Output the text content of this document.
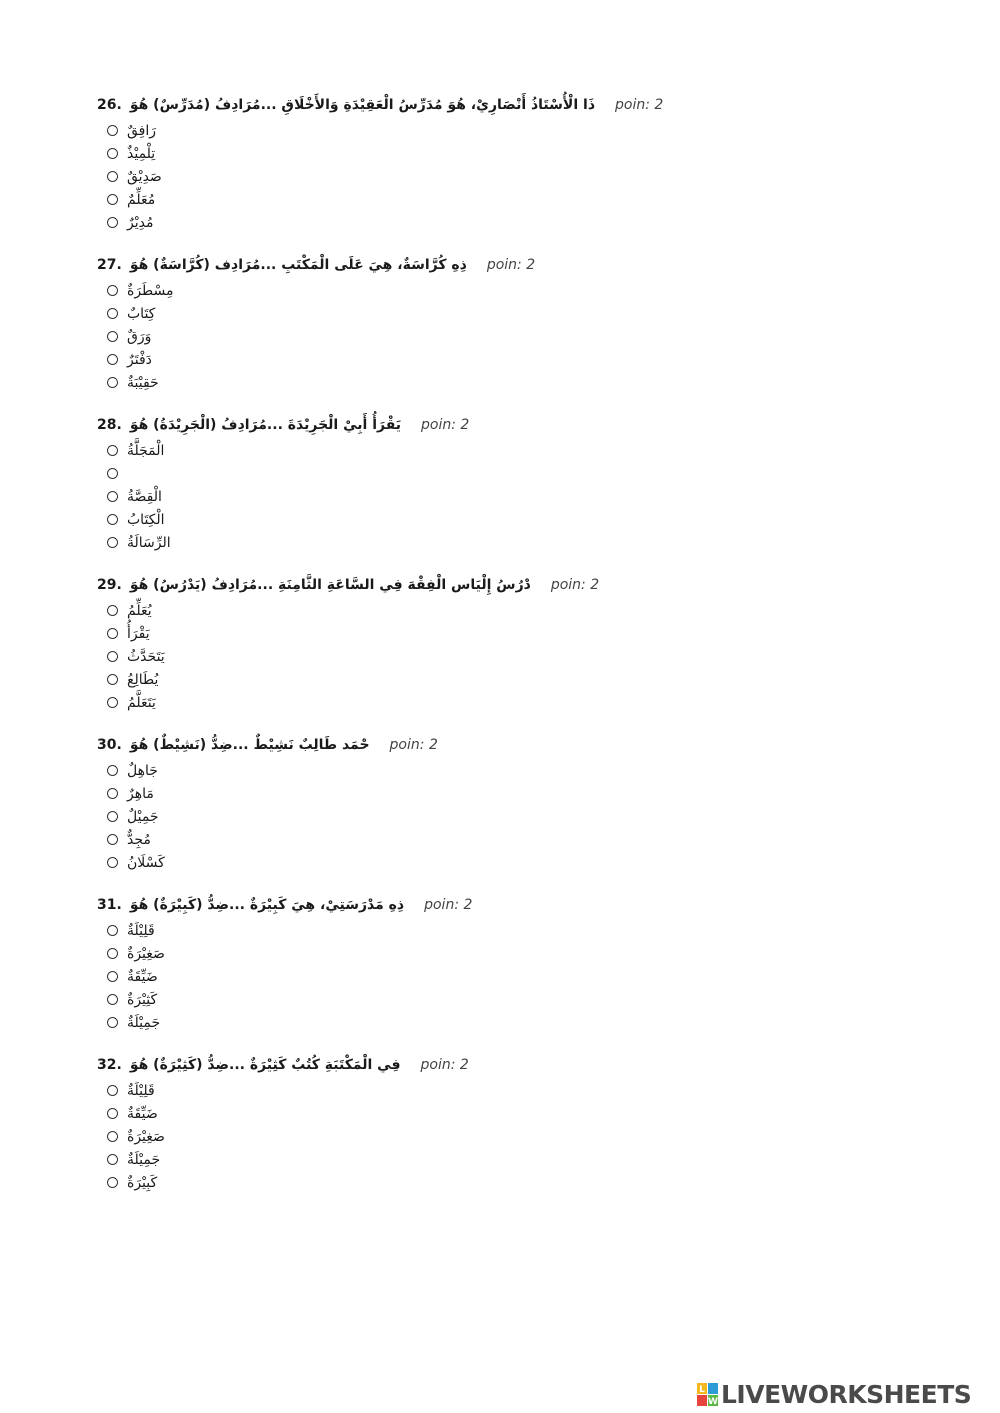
26. ذَا الْأُسْتَاذُ أَنْصَارِيْ، هُوَ مُدَرِّسُ الْعَقِيْدَةِ وَالأَخْلَاقِ ...مُرَادِفُ (مُدَرِّسٌ) هُوَ poin: 2
رَافِقٌ
تِلْمِيْذٌ
صَدِيْقٌ
مُعَلِّمٌ
مُدِيْرٌ
27. ذِهِ كُرَّاسَةٌ، هِيَ عَلَى الْمَكْتَبِ ...مُرَادِف (كُرَّاسَةٌ) هُوَ poin: 2
مِسْطَرَةٌ
كِتَابٌ
وَرَقٌ
دَفْتَرٌ
حَقِيْبَةٌ
28. يَقْرَأُ أَبِيْ الْجَرِيْدَةَ ...مُرَادِفُ (الْجَرِيْدَةُ) هُوَ poin: 2
الْمَجَلَّةُ
الْقِصَّةُ
الْكِتَابُ
الرِّسَالَةُ
29. دْرُسُ إِلْيَاس الْفِقْهَ فِي السَّاعَةِ الثَّامِنَةِ ...مُرَادِفُ (يَدْرُسُ) هُوَ poin: 2
يُعَلِّمُ
يَقْرَأُ
يَتَحَدَّثُ
يُطَالِعُ
يَتَعَلَّمُ
30. حْمَد طَالِبٌ نَشِيْطٌ ...ضِدُّ (نَشِيْطٌ) هُوَ poin: 2
جَاهِلٌ
مَاهِرٌ
جَمِيْلٌ
مُجِدٌّ
كَسْلَانُ
31. ذِهِ مَدْرَسَتِيْ، هِيَ كَبِيْرَةٌ ...ضِدُّ (كَبِيْرَةٌ) هُوَ poin: 2
قَلِيْلَةٌ
صَغِيْرَةٌ
ضَيِّقَةٌ
كَثِيْرَةٌ
جَمِيْلَةٌ
32. فِي الْمَكْتَبَةِ كُتُبٌ كَثِيْرَةٌ ...ضِدُّ (كَثِيْرَةٌ) هُوَ poin: 2
قَلِيْلَةٌ
ضَيِّقَةٌ
صَغِيْرَةٌ
جَمِيْلَةٌ
كَبِيْرَةٌ
L
W LIVEWORKSHEETS
